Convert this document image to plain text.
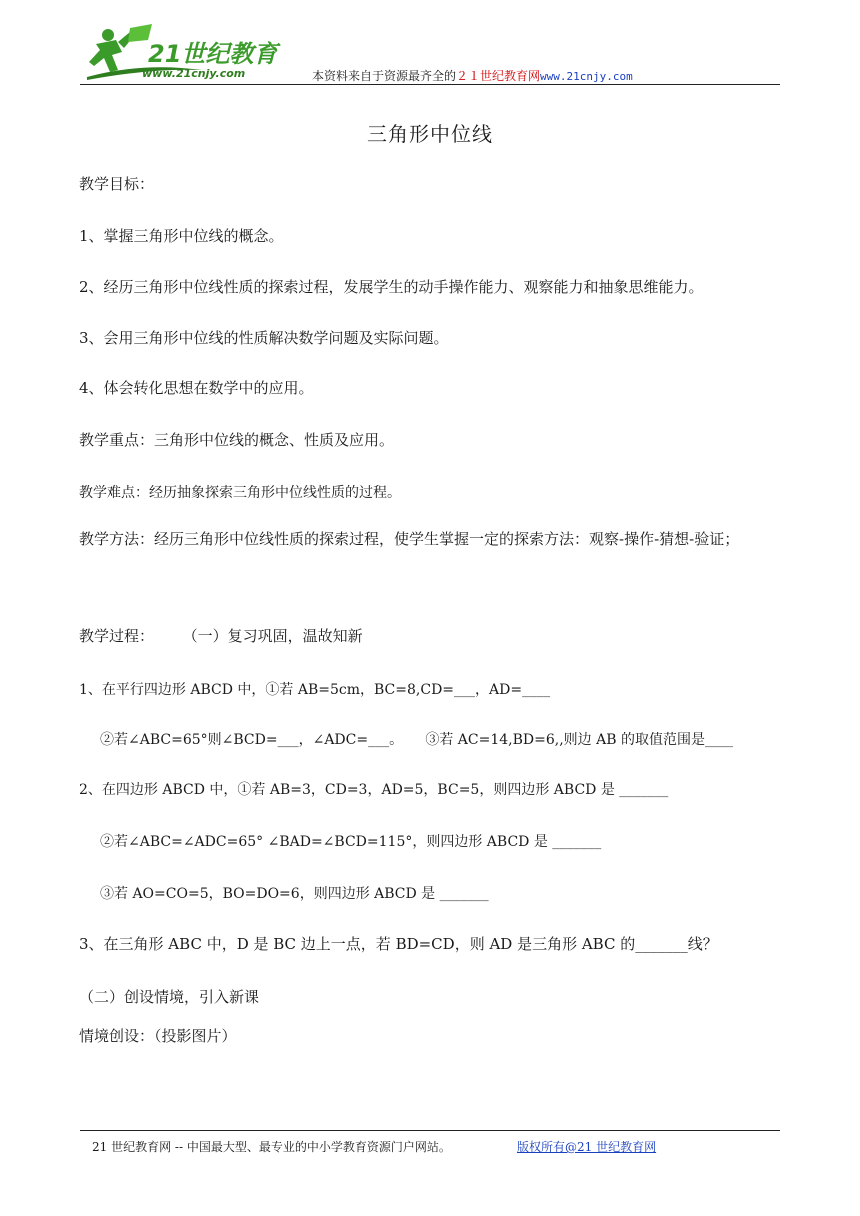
21世纪教育
www.21cnjy.com	本资料来自于资源最齐全的２１世纪教育网www.21cnjy.com
三角形中位线
教学目标：
1、掌握三角形中位线的概念。
2、经历三角形中位线性质的探索过程，发展学生的动手操作能力、观察能力和抽象思维能力。
3、会用三角形中位线的性质解决数学问题及实际问题。
4、体会转化思想在数学中的应用。
教学重点：三角形中位线的概念、性质及应用。
教学难点：经历抽象探索三角形中位线性质的过程。
教学方法：经历三角形中位线性质的探索过程，使学生掌握一定的探索方法：观察-操作-猜想-验证；
教学过程：      （一）复习巩固，温故知新
1、在平行四边形 ABCD 中，①若 AB=5cm，BC=8,CD=___，AD=____
②若∠ABC=65°则∠BCD=___，∠ADC=___。     ③若 AC=14,BD=6,,则边 AB 的取值范围是____
2、在四边形 ABCD 中，①若 AB=3，CD=3，AD=5，BC=5，则四边形 ABCD 是 _______
②若∠ABC=∠ADC=65° ∠BAD=∠BCD=115°，则四边形 ABCD 是 _______
③若 AO=CO=5，BO=DO=6，则四边形 ABCD 是 _______
3、在三角形 ABC 中，D 是 BC 边上一点，若 BD=CD，则 AD 是三角形 ABC 的_______线？
（二）创设情境，引入新课
情境创设：（投影图片）
21 世纪教育网 -- 中国最大型、最专业的中小学教育资源门户网站。	版权所有@21 世纪教育网
